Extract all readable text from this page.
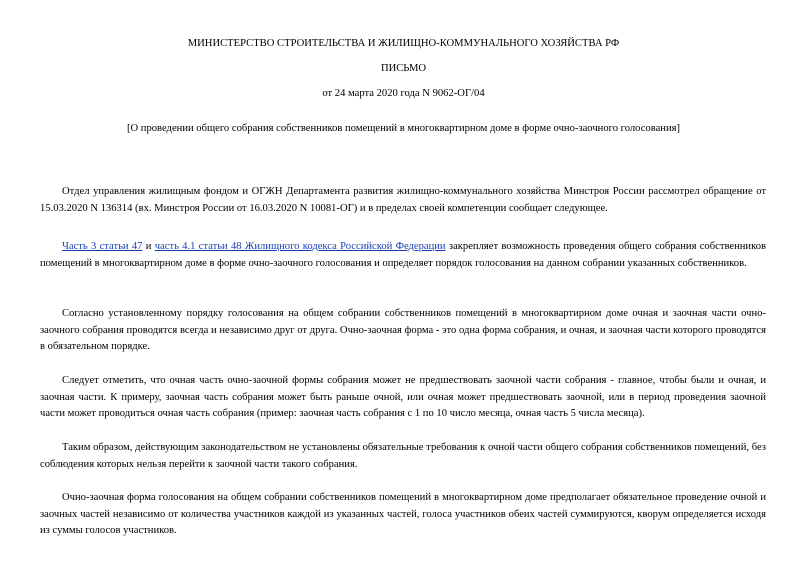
МИНИСТЕРСТВО СТРОИТЕЛЬСТВА И ЖИЛИЩНО-КОММУНАЛЬНОГО ХОЗЯЙСТВА РФ
ПИСЬМО
от 24 марта 2020 года N 9062-ОГ/04
[О проведении общего собрания собственников помещений в многоквартирном доме в форме очно-заочного голосования]

Отдел управления жилищным фондом и ОГЖН Департамента развития жилищно-коммунального хозяйства Минстроя России рассмотрел обращение от 15.03.2020 N 136314 (вх. Минстроя России от 16.03.2020 N 10081-ОГ) и в пределах своей компетенции сообщает следующее.

Часть 3 статьи 47 и часть 4.1 статьи 48 Жилищного кодекса Российской Федерации закрепляет возможность проведения общего собрания собственников помещений в многоквартирном доме в форме очно-заочного голосования и определяет порядок голосования на данном собрании указанных собственников.

Согласно установленному порядку голосования на общем собрании собственников помещений в многоквартирном доме очная и заочная части очно-заочного собрания проводятся всегда и независимо друг от друга. Очно-заочная форма - это одна форма собрания, и очная, и заочная части которого проводятся в обязательном порядке.

Следует отметить, что очная часть очно-заочной формы собрания может не предшествовать заочной части собрания - главное, чтобы были и очная, и заочная части. К примеру, заочная часть собрания может быть раньше очной, или очная может предшествовать заочной, или в период проведения заочной части может проводиться очная часть собрания (пример: заочная часть собрания с 1 по 10 число месяца, очная часть 5 числа месяца).

Таким образом, действующим законодательством не установлены обязательные требования к очной части общего собрания собственников помещений, без соблюдения которых нельзя перейти к заочной части такого собрания.

Очно-заочная форма голосования на общем собрании собственников помещений в многоквартирном доме предполагает обязательное проведение очной и заочных частей независимо от количества участников каждой из указанных частей, голоса участников обеих частей суммируются, кворум определяется исходя из суммы голосов участников.
